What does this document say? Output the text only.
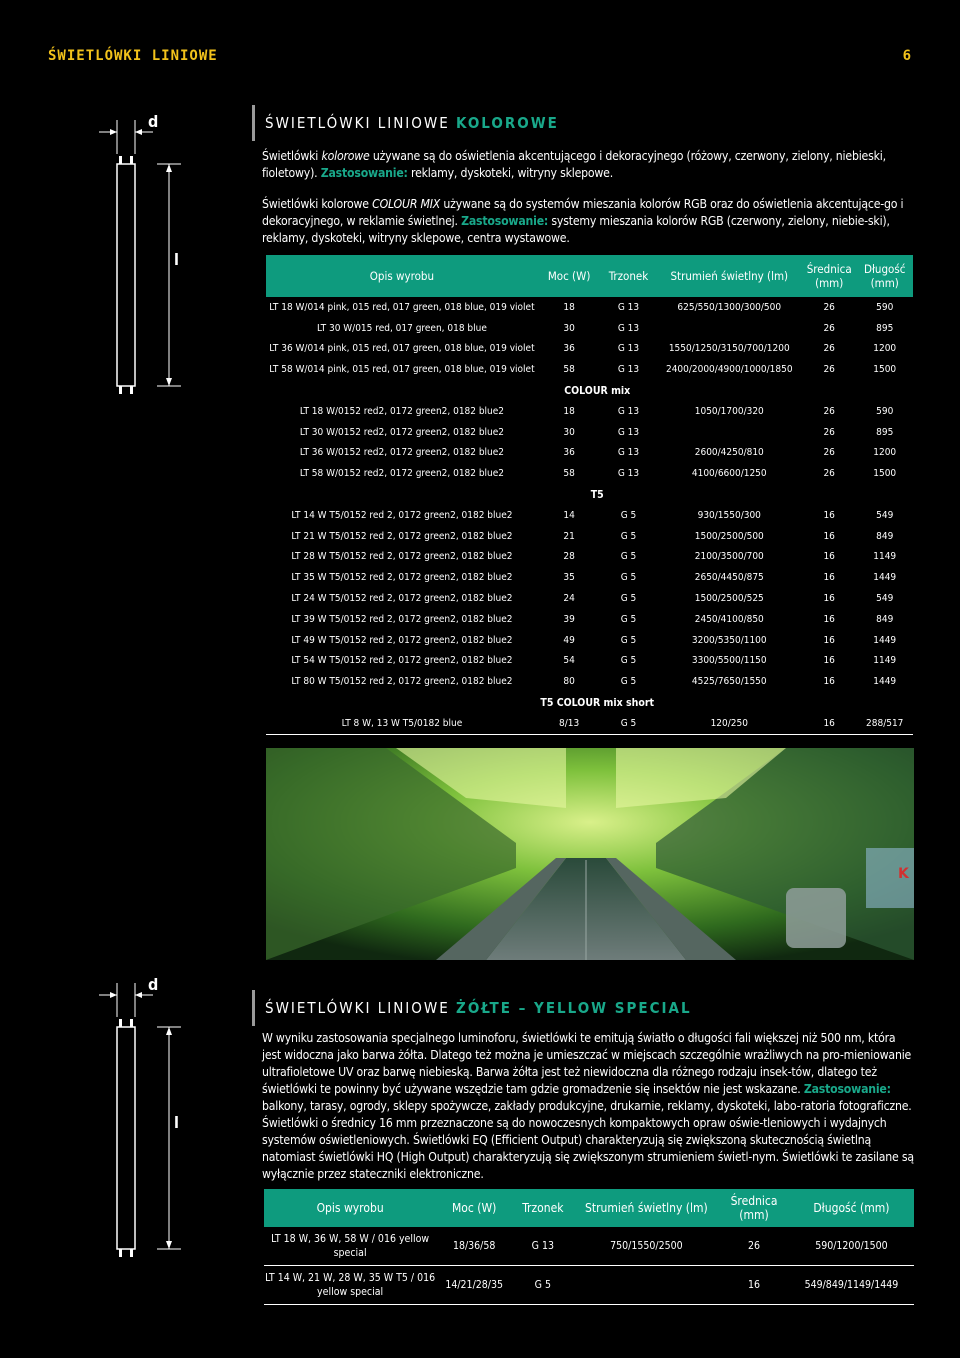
ŚWIETLÓWKI LINIOWE	6
d
l
ŚWIETLÓWKI LINIOWE KOLOROWE
Świetlówki kolorowe używane są do oświetlenia akcentującego i dekoracyjnego (różowy, czerwony, zielony, niebieski, fioletowy). Zastosowanie: reklamy, dyskoteki, witryny sklepowe.
Świetlówki kolorowe COLOUR MIX używane są do systemów mieszania kolorów RGB oraz do oświetlenia akcentujące-go i dekoracyjnego, w reklamie świetlnej. Zastosowanie: systemy mieszania kolorów RGB (czerwony, zielony, niebie-ski), reklamy, dyskoteki, witryny sklepowe, centra wystawowe.
Opis wyrobu	Moc (W)	Trzonek	Strumień świetlny (lm)	Średnica (mm)	Długość (mm)
LT 18 W/014 pink, 015 red, 017 green, 018 blue, 019 violet	18	G 13	625/550/1300/300/500	26	590
LT 30 W/015 red, 017 green, 018 blue	30	G 13		26	895
LT 36 W/014 pink, 015 red, 017 green, 018 blue, 019 violet	36	G 13	1550/1250/3150/700/1200	26	1200
LT 58 W/014 pink, 015 red, 017 green, 018 blue, 019 violet	58	G 13	2400/2000/4900/1000/1850	26	1500
	COLOUR mix				
LT 18 W/0152 red2, 0172 green2, 0182 blue2	18	G 13	1050/1700/320	26	590
LT 30 W/0152 red2, 0172 green2, 0182 blue2	30	G 13		26	895
LT 36 W/0152 red2, 0172 green2, 0182 blue2	36	G 13	2600/4250/810	26	1200
LT 58 W/0152 red2, 0172 green2, 0182 blue2	58	G 13	4100/6600/1250	26	1500
	T5				
LT 14 W T5/0152 red 2, 0172 green2, 0182 blue2	14	G 5	930/1550/300	16	549
LT 21 W T5/0152 red 2, 0172 green2, 0182 blue2	21	G 5	1500/2500/500	16	849
LT 28 W T5/0152 red 2, 0172 green2, 0182 blue2	28	G 5	2100/3500/700	16	1149
LT 35 W T5/0152 red 2, 0172 green2, 0182 blue2	35	G 5	2650/4450/875	16	1449
LT 24 W T5/0152 red 2, 0172 green2, 0182 blue2	24	G 5	1500/2500/525	16	549
LT 39 W T5/0152 red 2, 0172 green2, 0182 blue2	39	G 5	2450/4100/850	16	849
LT 49 W T5/0152 red 2, 0172 green2, 0182 blue2	49	G 5	3200/5350/1100	16	1449
LT 54 W T5/0152 red 2, 0172 green2, 0182 blue2	54	G 5	3300/5500/1150	16	1149
LT 80 W T5/0152 red 2, 0172 green2, 0182 blue2	80	G 5	4525/7650/1550	16	1449
	T5 COLOUR mix short				
LT 8 W, 13 W T5/0182 blue	8/13	G 5	120/250	16	288/517
K
d
l
ŚWIETLÓWKI LINIOWE ŻÓŁTE – YELLOW SPECIAL
W wyniku zastosowania specjalnego luminoforu, świetlówki te emitują światło o długości fali większej niż 500 nm, która jest widoczna jako barwa żółta. Dlatego też można je umieszczać w miejscach szczególnie wrażliwych na pro-mieniowanie ultrafioletowe UV oraz barwę niebieską. Barwa żółta jest też niewidoczna dla różnego rodzaju insek-tów, dlatego też świetlówki te powinny być używane wszędzie tam gdzie gromadzenie się insektów nie jest wskazane. Zastosowanie: balkony, tarasy, ogrody, sklepy spożywcze, zakłady produkcyjne, drukarnie, reklamy, dyskoteki, labo-ratoria fotograficzne. Świetlówki o średnicy 16 mm przeznaczone są do nowoczesnych kompaktowych opraw oświe-tleniowych i wydajnych systemów oświetleniowych. Świetlówki EQ (Efficient Output) charakteryzują się zwiększoną skutecznością świetlną natomiast świetlówki HQ (High Output) charakteryzują się zwiększonym strumieniem świetl-nym. Świetlówki te zasilane są wyłącznie przez stateczniki elektroniczne.
Opis wyrobu	Moc (W)	Trzonek	Strumień świetlny (lm)	Średnica (mm)	Długość (mm)
LT 18 W, 36 W, 58 W / 016 yellow special	18/36/58	G 13	750/1550/2500	26	590/1200/1500
LT 14 W, 21 W, 28 W, 35 W T5 / 016 yellow special	14/21/28/35	G 5		16	549/849/1149/1449
